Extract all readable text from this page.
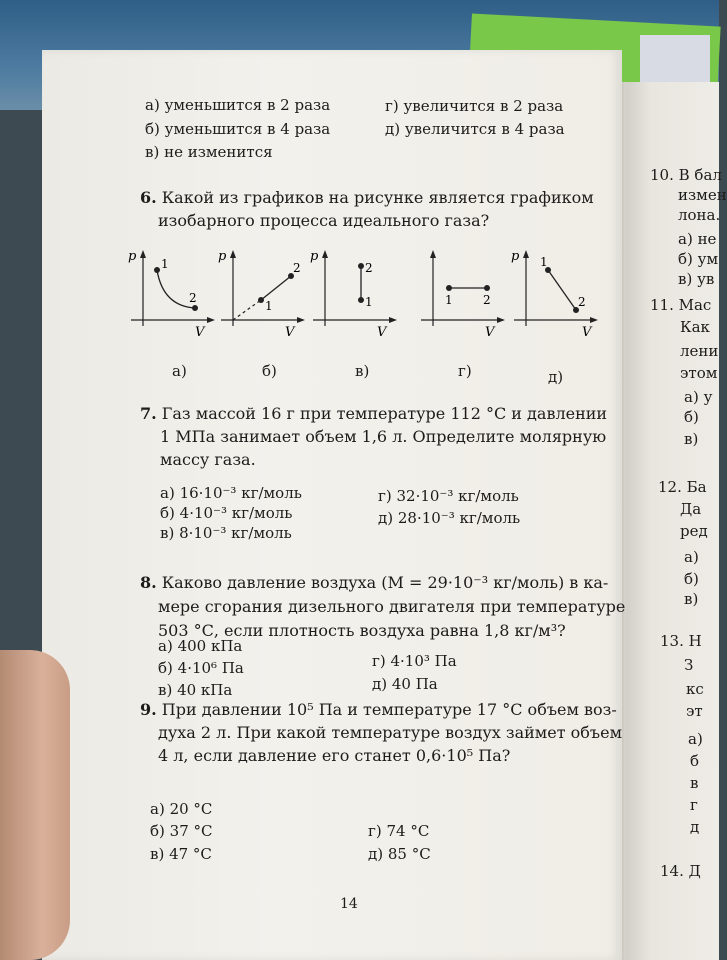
а) уменьшится в 2 раза
б) уменьшится в 4 раза
в) не изменится
г) увеличится в 2 раза
д) увеличится в 4 раза
6. Какой из графиков на рисунке является графиком
изобарного процесса идеального газа?
p
V
1
2
p
V
1
2
p
V
2
1
V
1	2
p
V
1
2
а)	б)	в)	г)	д)
7. Газ массой 16 г при температуре 112 °С и давлении
1 МПа занимает объем 1,6 л. Определите молярную
массу газа.
а) 16·10⁻³ кг/моль
б) 4·10⁻³ кг/моль
в) 8·10⁻³ кг/моль
г) 32·10⁻³ кг/моль
д) 28·10⁻³ кг/моль
8. Каково давление воздуха (M = 29·10⁻³ кг/моль) в ка-
мере сгорания дизельного двигателя при температуре
503 °С, если плотность воздуха равна 1,8 кг/м³?
а) 400 кПа
б) 4·10⁶ Па
в) 40 кПа
г) 4·10³ Па
д) 40 Па
9. При давлении 10⁵ Па и температуре 17 °С объем воз-
духа 2 л. При какой температуре воздух займет объем
4 л, если давление его станет 0,6·10⁵ Па?
а) 20 °С
б) 37 °С
в) 47 °С
г) 74 °С
д) 85 °С
14
10. В бал
измен
лона.
а) не
б) ум
в) ув
11. Мас
Как
лени
этом
а) у
б)
в)
12. Ба
Да
ред
а)
б)
в)
13. Н
З
кс
эт
а)
б
в
г
д
14. Д
